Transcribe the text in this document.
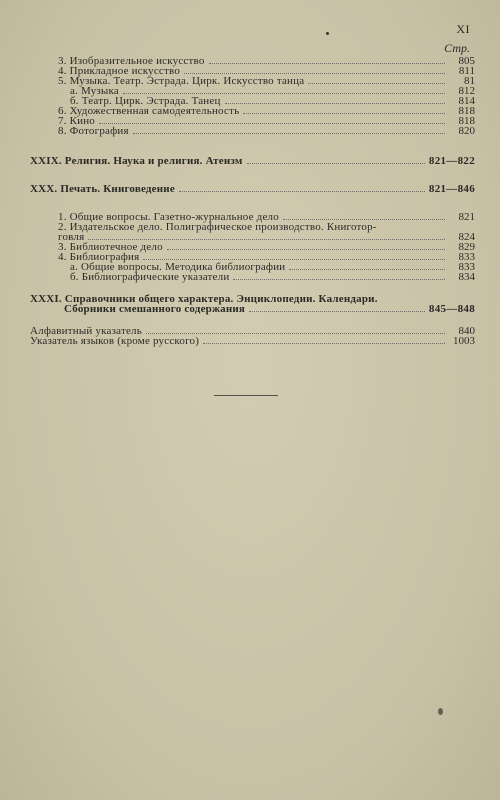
XI
Стр.
3. Изобразительное искусство	805
4. Прикладное искусство	811
5. Музыка. Театр. Эстрада. Цирк. Искусство танца	81
а. Музыка	812
б. Театр. Цирк. Эстрада. Танец	814
6. Художественная самодеятельность	818
7. Кино	818
8. Фотография	820
XXIX. Религия. Наука и религия. Атеизм	821—822
XXX. Печать. Книговедение	821—846
1. Общие вопросы. Газетно-журнальное дело	821
2. Издательское дело. Полиграфическое производство. Книготор-
говля	824
3. Библиотечное дело	829
4. Библиография	833
а. Общие вопросы. Методика библиографии	833
б. Библиографические указатели	834
XXXI. Справочники общего характера. Энциклопедии. Календари.
Сборники смешанного содержания	845—848
Алфавитный указатель	840
Указатель языков (кроме русского)	1003
